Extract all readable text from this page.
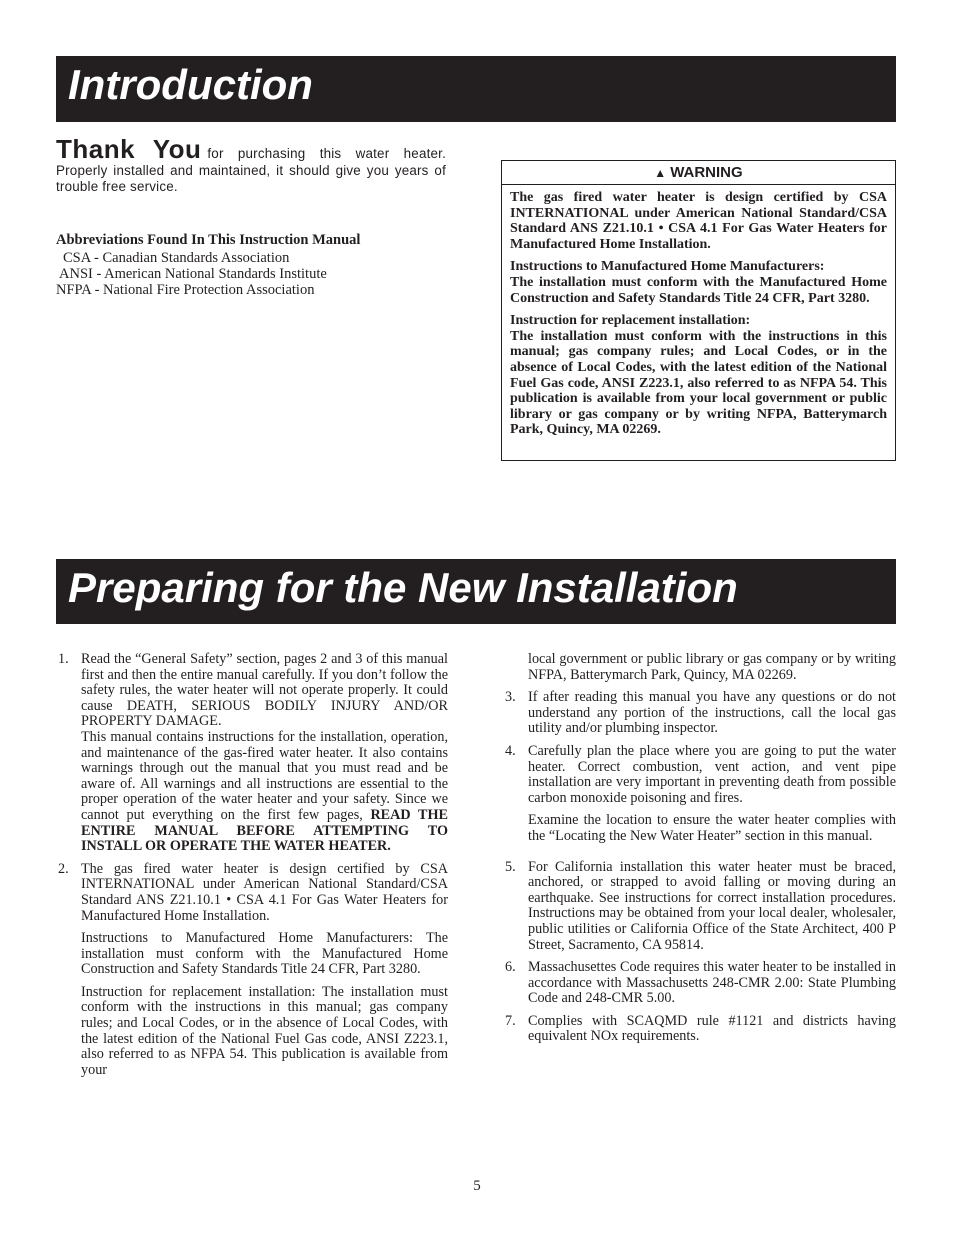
Introduction
Thank You for purchasing this water heater. Properly installed and maintained, it should give you years of trouble free service.
Abbreviations Found In This Instruction Manual
CSA - Canadian Standards Association
ANSI - American National Standards Institute
NFPA - National Fire Protection Association
▲ WARNING

The gas fired water heater is design certified by CSA INTERNATIONAL under American National Standard/CSA Standard ANS Z21.10.1 • CSA 4.1 For Gas Water Heaters for Manufactured Home Installation.

Instructions to Manufactured Home Manufacturers:
The installation must conform with the Manufactured Home Construction and Safety Standards Title 24 CFR, Part 3280.

Instruction for replacement installation:
The installation must conform with the instructions in this manual; gas company rules; and Local Codes, or in the absence of Local Codes, with the latest edition of the National Fuel Gas code, ANSI Z223.1, also referred to as NFPA 54. This publication is available from your local government or public library or gas company or by writing NFPA, Batterymarch Park, Quincy, MA 02269.

Preparing for the New Installation
1. Read the “General Safety” section, pages 2 and 3 of this manual first and then the entire manual carefully. If you don’t follow the safety rules, the water heater will not operate properly. It could cause DEATH, SERIOUS BODILY INJURY AND/OR PROPERTY DAMAGE.

This manual contains instructions for the installation, operation, and maintenance of the gas-fired water heater. It also contains warnings through out the manual that you must read and be aware of. All warnings and all instructions are essential to the proper operation of the water heater and your safety. Since we cannot put everything on the first few pages, READ THE ENTIRE MANUAL BEFORE ATTEMPTING TO INSTALL OR OPERATE THE WATER HEATER.

2. The gas fired water heater is design certified by CSA INTERNATIONAL under American National Standard/CSA Standard ANS Z21.10.1 • CSA 4.1 For Gas Water Heaters for Manufactured Home Installation.

Instructions to Manufactured Home Manufacturers: The installation must conform with the Manufactured Home Construction and Safety Standards Title 24 CFR, Part 3280.

Instruction for replacement installation: The installation must conform with the instructions in this manual; gas company rules; and Local Codes, or in the absence of Local Codes, with the latest edition of the National Fuel Gas code, ANSI Z223.1, also referred to as NFPA 54. This publication is available from your

local government or public library or gas company or by writing NFPA, Batterymarch Park, Quincy, MA 02269.
3. If after reading this manual you have any questions or do not understand any portion of the instructions, call the local gas utility and/or plumbing inspector.

4. Carefully plan the place where you are going to put the water heater. Correct combustion, vent action, and vent pipe installation are very important in preventing death from possible carbon monoxide poisoning and fires.

Examine the location to ensure the water heater complies with the “Locating the New Water Heater” section in this manual.

5. For California installation this water heater must be braced, anchored, or strapped to avoid falling or moving during an earthquake. See instructions for correct installation procedures. Instructions may be obtained from your local dealer, wholesaler, public utilities or California Office of the State Architect, 400 P Street, Sacramento, CA 95814.

6. Massachusettes Code requires this water heater to be installed in accordance with Massachusetts 248-CMR 2.00: State Plumbing Code and 248-CMR 5.00.

7. Complies with SCAQMD rule #1121 and districts having equivalent NOx requirements.

5
